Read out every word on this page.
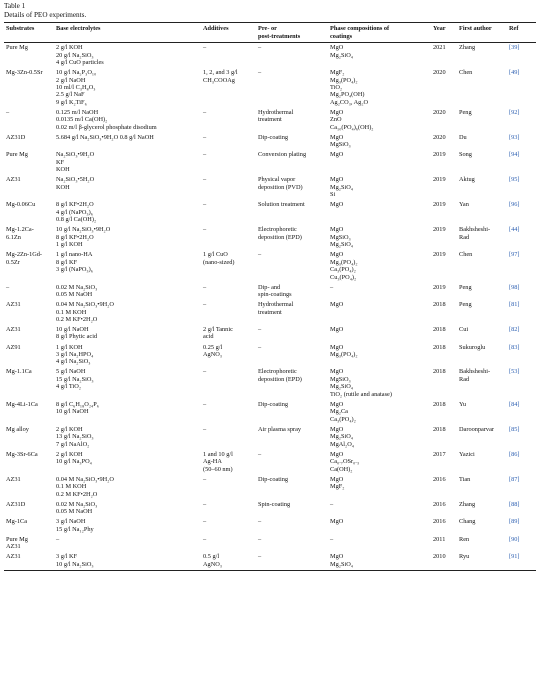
Table 1
Details of PEO experiments.
Substrates	Base electrolytes	Additives	Pre- or
post-treatments	Phase compositions of
coatings	Year	First author	Ref

Pure Mg	2 g/l KOH
20 g/l Na₂SiO₃
4 g/l CuO particles	–	–	MgO
Mg₂SiO₄	2021	Zhang	[39]

Mg-3Zn-0.5Sr	10 g/l Na₅P₃O₁₀
2 g/l NaOH
10 ml/l C₃H₈O₃
2.5 g/l NaF
9 g/l K₂TiF₆	1, 2, and 3 g/l
CH₃COOAg	–	MgF₂
Mg₃(PO₄)₂
TiO₂
Mg₂PO₄(OH)
Ag₂CO₃, Ag₂O	2020	Chen	[49]

–	0.125 m/l NaOH
0.0135 m/l Ca(OH)₂
0.02 m/l β-glycerol phosphate disodium	–	Hydrothermal
treatment	MgO
ZnO
Ca₁₀(PO₄)₆(OH)₂	2020	Peng	[92]

AZ31D	5.684 g/l Na₂SiO₃•9H₂O 0.8 g/l NaOH	–	Dip-coating	MgO
MgSiO₃	2020	Du	[93]

Pure Mg	Na₂SiO₃•9H₂O
KF
KOH	–	Conversion plating	MgO	2019	Song	[94]

AZ31	Na₂SiO₃•5H₂O
KOH	–	Physical vapor
deposition (PVD)	MgO
Mg₂SiO₄
Si	2019	Aktug	[95]

Mg-0.06Cu	8 g/l KF•2H₂O
4 g/l (NaPO₃)₆
0.8 g/l Ca(OH)₂	–	Solution treatment	MgO	2019	Yan	[96]

Mg-1.2Ca-
6.1Zn	10 g/l Na₂SiO₃•9H₂O
8 g/l KF•2H₂O
1 g/l KOH	–	Electrophoretic
deposition (EPD)	MgO
MgSiO₃
Mg₂SiO₄	2019	Bakhsheshi-
Rad	[44]

Mg-2Zn-1Gd-
0.5Zr	1 g/l nano-HA
8 g/l KF
3 g/l (NaPO₃)₆	1 g/l CuO
(nano-sized)	–	MgO
Mg₃(PO₄)₂
Ca₃(PO₄)₂
Cu₃(PO₄)₂	2019	Chen	[97]

–	0.02 M Na₂SiO₃
0.05 M NaOH	–	Dip- and
spin-coatings	–	2019	Peng	[98]

AZ31	0.04 M Na₂SiO₃•9H₂O
0.1 M KOH
0.2 M KF•2H₂O	–	Hydrothermal
treatment	MgO	2018	Peng	[81]

AZ31	10 g/l NaOH
8 g/l Phytic acid	2 g/l Tannic
acid	–	MgO	2018	Cui	[82]

AZ91	1 g/l KOH
3 g/l Na₂HPO₄
4 g/l Na₂SiO₃	0.25 g/l
AgNO₃	–	MgO
Mg₃(PO₄)₂	2018	Sukuroglu	[83]

Mg-1.1Ca	5 g/l NaOH
15 g/l Na₂SiO₃
4 g/l TiO₂	–	Electrophoretic
deposition (EPD)	MgO
MgSiO₃
Mg₂SiO₄
TiO₂ (rutile and anatase)	2018	Bakhsheshi-
Rad	[53]

Mg-4Li-1Ca	8 g/l C₆H₁₈O₂₄P₆
10 g/l NaOH	–	Dip-coating	MgO
Mg₂Ca
Ca₃(PO₄)₂	2018	Yu	[84]

Mg alloy	2 g/l KOH
13 g/l Na₂SiO₃
7 g/l NaAlO₂	–	Air plasma spray	MgO
Mg₂SiO₄
MgAl₂O₄	2018	Daroonparvar	[85]

Mg-3Sr-6Ca	2 g/l KOH
10 g/l Na₃PO₄	1 and 10 g/l
Ag-HA
(50–60 nm)	–	MgO
Ca₀.₇OSr₀.₃
Ca(OH)₂	2017	Yazici	[86]

AZ31	0.04 M Na₂SiO₃•9H₂O
0.1 M KOH
0.2 M KF•2H₂O	–	Dip-coating	MgO
MgF₂	2016	Tian	[87]

AZ31D	0.02 M Na₂SiO₃
0.05 M NaOH	–	Spin-coating	–	2016	Zhang	[88]

Mg-1Ca	3 g/l NaOH
15 g/l Na₁₂Phy	–	–	MgO	2016	Chang	[89]

Pure Mg
AZ31	–	–	–	–	2011	Ren	[90]

AZ31	3 g/l KF
10 g/l Na₂SiO₃	0.5 g/l
AgNO₃	–	MgO
Mg₂SiO₄	2010	Ryu	[91]
